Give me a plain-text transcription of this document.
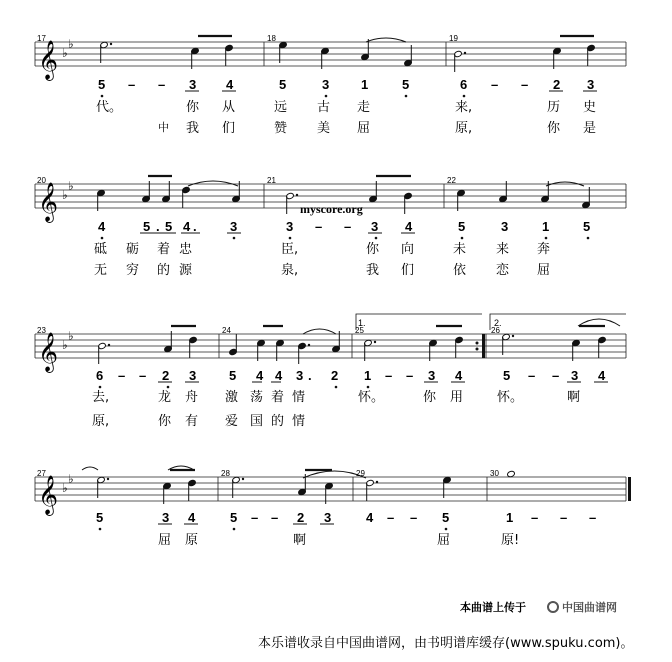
𝄞 ♭
♭
𝄞 ♭
♭
𝄞 ♭
♭
𝄞 ♭
♭
17	18	19
5 – – 3 4	5	3 1	5	6 – – 2 3
代。	你 从	远 古 走	来,	历 史
中 我 们	赞 美 屈	原,	你 是
20	21	22
4	5 . 5 4 .	3	3 – – 3 4	5	3	1	5
砥 砺 着 忠	臣,	你 向	未 来 奔
无 穷 的 源	泉,	我 们	依 恋 屈
myscore.org
23	24	25	26
1.	2.
6 – – 2 3	5 4 4 3 . 2 1 – – 3 4	5 – – 3 4
去,	龙 舟 激 荡 着 情	怀。	你 用	怀。	啊
原,	你 有 爱 国 的 情
27	28	29	30
5	3 4	5 – – 2 3	4 – – 5	1 – – –
屈 原	啊	屈	原!
本曲谱上传于	中国曲谱网
本乐谱收录自中国曲谱网，由书明谱库缓存(www.spuku.com)。
